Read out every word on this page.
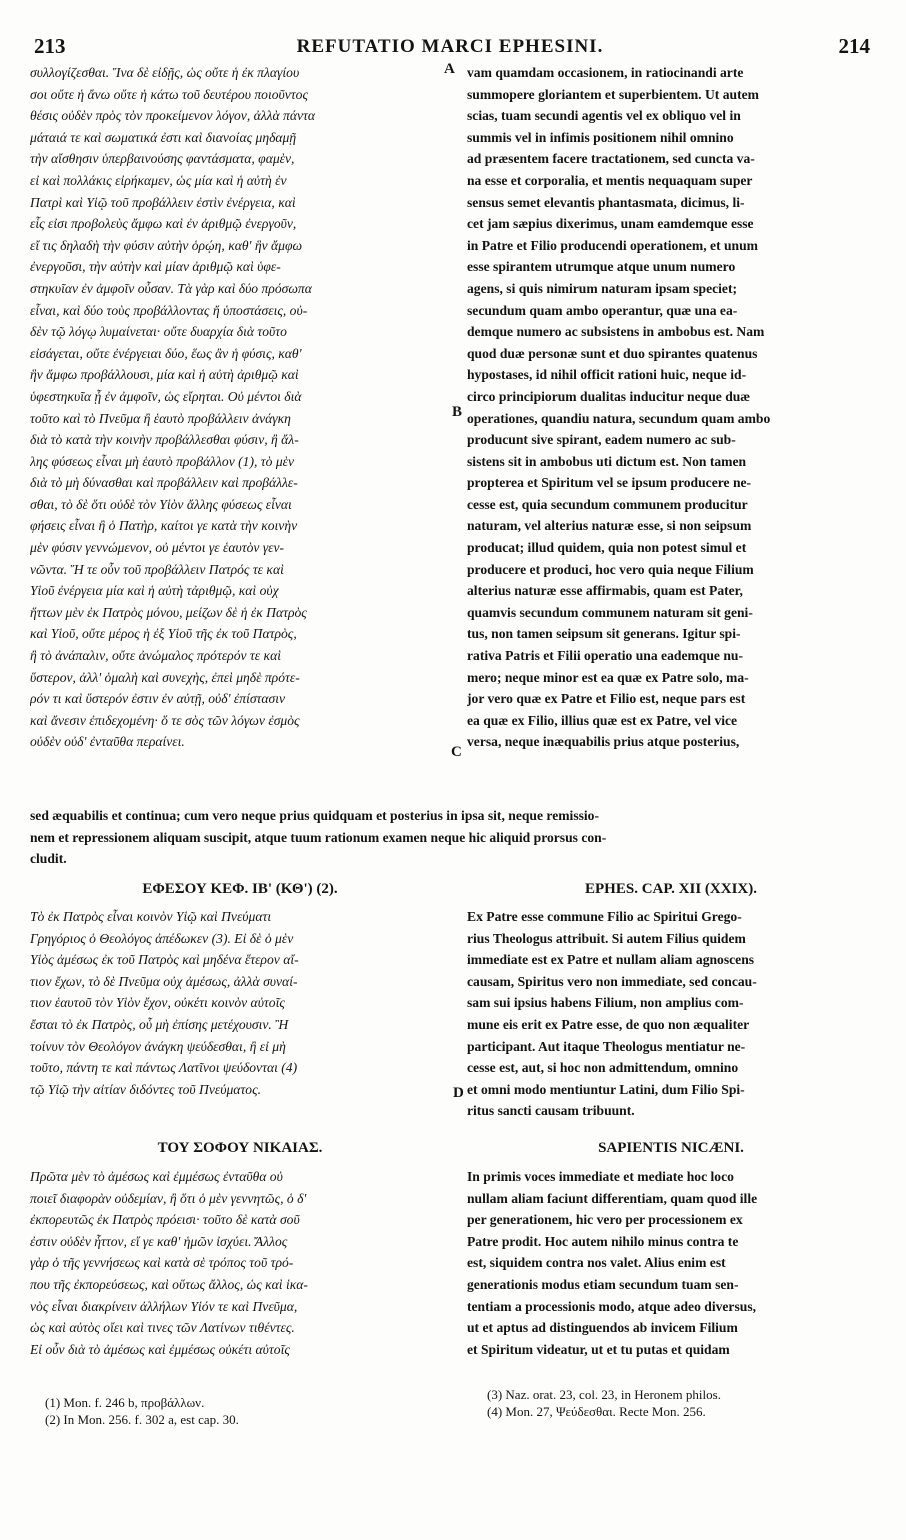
213	REFUTATIO MARCI EPHESINI.	214
A
B
C
D
συλλογίζεσθαι. Ἵνα δὲ εἰδῇς, ὡς οὔτε ἡ ἐκ πλαγίου
σοι οὔτε ἡ ἄνω οὔτε ἡ κάτω τοῦ δευτέρου ποιοῦντος
θέσις οὐδὲν πρὸς τὸν προκείμενον λόγον, ἀλλὰ πάντα
μάταιά τε καὶ σωματικά ἐστι καὶ διανοίας μηδαμῇ
τὴν αἴσθησιν ὑπερβαινούσης φαντάσματα, φαμὲν,
εἰ καὶ πολλάκις εἰρήκαμεν, ὡς μία καὶ ἡ αὐτὴ ἐν
Πατρὶ καὶ Υἱῷ τοῦ προβάλλειν ἐστὶν ἐνέργεια, καὶ
εἷς εἰσι προβολεὺς ἄμφω καὶ ἐν ἀριθμῷ ἐνεργοῦν,
εἴ τις δηλαδὴ τὴν φύσιν αὐτὴν ὁρῴη, καθ' ἣν ἄμφω
ἐνεργοῦσι, τὴν αὐτὴν καὶ μίαν ἀριθμῷ καὶ ὑφε-
στηκυῖαν ἐν ἀμφοῖν οὖσαν. Τὰ γὰρ καὶ δύο πρόσωπα
εἶναι, καὶ δύο τοὺς προβάλλοντας ἤ ὑποστάσεις, οὐ-
δὲν τῷ λόγῳ λυμαίνεται· οὔτε δυαρχία διὰ τοῦτο
εἰσάγεται, οὔτε ἐνέργειαι δύο, ἕως ἂν ἡ φύσις, καθ'
ἣν ἄμφω προβάλλουσι, μία καὶ ἡ αὐτὴ ἀριθμῷ καὶ
ὑφεστηκυῖα ᾖ ἐν ἀμφοῖν, ὡς εἴρηται. Οὐ μέντοι διὰ
τοῦτο καὶ τὸ Πνεῦμα ἢ ἑαυτὸ προβάλλειν ἀνάγκη
διὰ τὸ κατὰ τὴν κοινὴν προβάλλεσθαι φύσιν, ἢ ἄλ-
λης φύσεως εἶναι μὴ ἑαυτὸ προβάλλον (1), τὸ μὲν
διὰ τὸ μὴ δύνασθαι καὶ προβάλλειν καὶ προβάλλε-
σθαι, τὸ δὲ ὅτι οὐδὲ τὸν Υἱὸν ἄλλης φύσεως εἶναι
φήσεις εἶναι ἢ ὁ Πατὴρ, καίτοι γε κατὰ τὴν κοινὴν
μὲν φύσιν γεννώμενον, οὐ μέντοι γε ἑαυτὸν γεν-
νῶντα. Ἥ τε οὖν τοῦ προβάλλειν Πατρός τε καὶ
Υἱοῦ ἐνέργεια μία καὶ ἡ αὐτὴ τἀριθμῷ, καὶ οὐχ
ἥττων μὲν ἐκ Πατρὸς μόνου, μείζων δὲ ἡ ἐκ Πατρὸς
καὶ Υἱοῦ, οὔτε μέρος ἡ ἐξ Υἱοῦ τῆς ἐκ τοῦ Πατρὸς,
ἢ τὸ ἀνάπαλιν, οὔτε ἀνώμαλος πρότερόν τε καὶ
ὕστερον, ἀλλ' ὁμαλὴ καὶ συνεχὴς, ἐπεὶ μηδὲ πρότε-
ρόν τι καὶ ὕστερόν ἐστιν ἐν αὐτῇ, οὐδ' ἐπίστασιν
καὶ ἄνεσιν ἐπιδεχομένη· ὅ τε σὸς τῶν λόγων ἐσμὸς
οὐδὲν οὐδ' ἐνταῦθα περαίνει.
vam quamdam occasionem, in ratiocinandi arte
summopere gloriantem et superbientem. Ut autem
scias, tuam secundi agentis vel ex obliquo vel in
summis vel in infimis positionem nihil omnino
ad præsentem facere tractationem, sed cuncta va-
na esse et corporalia, et mentis nequaquam super
sensus semet elevantis phantasmata, dicimus, li-
cet jam sæpius dixerimus, unam eamdemque esse
in Patre et Filio producendi operationem, et unum
esse spirantem utrumque atque unum numero
agens, si quis nimirum naturam ipsam speciet;
secundum quam ambo operantur, quæ una ea-
demque numero ac subsistens in ambobus est. Nam
quod duæ personæ sunt et duo spirantes quatenus
hypostases, id nihil officit rationi huic, neque id-
circo principiorum dualitas inducitur neque duæ
operationes, quandiu natura, secundum quam ambo
producunt sive spirant, eadem numero ac sub-
sistens sit in ambobus uti dictum est. Non tamen
propterea et Spiritum vel se ipsum producere ne-
cesse est, quia secundum communem producitur
naturam, vel alterius naturæ esse, si non seipsum
producat; illud quidem, quia non potest simul et
producere et produci, hoc vero quia neque Filium
alterius naturæ esse affirmabis, quam est Pater,
quamvis secundum communem naturam sit geni-
tus, non tamen seipsum sit generans. Igitur spi-
rativa Patris et Filii operatio una eademque nu-
mero; neque minor est ea quæ ex Patre solo, ma-
jor vero quæ ex Patre et Filio est, neque pars est
ea quæ ex Filio, illius quæ est ex Patre, vel vice
versa, neque inæquabilis prius atque posterius,
sed æquabilis et continua; cum vero neque prius quidquam et posterius in ipsa sit, neque remissio-
nem et repressionem aliquam suscipit, atque tuum rationum examen neque hic aliquid prorsus con-
cludit.
ΕΦΕΣΟΥ ΚΕΦ. ΙΒ' (ΚΘ') (2).	EPHES. CAP. XII (XXIX).
Τὸ ἐκ Πατρὸς εἶναι κοινὸν Υἱῷ καὶ Πνεύματι
Γρηγόριος ὁ Θεολόγος ἀπέδωκεν (3). Εἰ δὲ ὁ μὲν
Υἱὸς ἀμέσως ἐκ τοῦ Πατρὸς καὶ μηδένα ἕτερον αἴ-
τιον ἔχων, τὸ δὲ Πνεῦμα οὐχ ἀμέσως, ἀλλὰ συναί-
τιον ἑαυτοῦ τὸν Υἱὸν ἔχον, οὐκέτι κοινὸν αὐτοῖς
ἔσται τὸ ἐκ Πατρὸς, οὗ μὴ ἐπίσης μετέχουσιν. Ἢ
τοίνυν τὸν Θεολόγον ἀνάγκη ψεύδεσθαι, ἢ εἰ μὴ
τοῦτο, πάντη τε καὶ πάντως Λατῖνοι ψεύδονται (4)
τῷ Υἱῷ τὴν αἰτίαν διδόντες τοῦ Πνεύματος.
Ex Patre esse commune Filio ac Spiritui Grego-
rius Theologus attribuit. Si autem Filius quidem
immediate est ex Patre et nullam aliam agnoscens
causam, Spiritus vero non immediate, sed concau-
sam sui ipsius habens Filium, non amplius com-
mune eis erit ex Patre esse, de quo non æqualiter
participant. Aut itaque Theologus mentiatur ne-
cesse est, aut, si hoc non admittendum, omnino
et omni modo mentiuntur Latini, dum Filio Spi-
ritus sancti causam tribuunt.
ΤΟΥ ΣΟΦΟΥ ΝΙΚΑΙΑΣ.	SAPIENTIS NICÆNI.
Πρῶτα μὲν τὸ ἀμέσως καὶ ἐμμέσως ἐνταῦθα οὐ
ποιεῖ διαφορὰν οὐδεμίαν, ἢ ὅτι ὁ μὲν γεννητῶς, ὁ δ'
ἐκπορευτῶς ἐκ Πατρὸς πρόεισι· τοῦτο δὲ κατὰ σοῦ
ἐστιν οὐδὲν ἧττον, εἴ γε καθ' ἡμῶν ἰσχύει. Ἄλλος
γὰρ ὁ τῆς γεννήσεως καὶ κατὰ σὲ τρόπος τοῦ τρό-
που τῆς ἐκπορεύσεως, καὶ οὕτως ἄλλος, ὡς καὶ ἱκα-
νὸς εἶναι διακρίνειν ἀλλήλων Υἱόν τε καὶ Πνεῦμα,
ὡς καὶ αὐτὸς οἴει καὶ τινες τῶν Λατίνων τιθέντες.
Εἰ οὖν διὰ τὸ ἀμέσως καὶ ἐμμέσως οὐκέτι αὐτοῖς
In primis voces immediate et mediate hoc loco
nullam aliam faciunt differentiam, quam quod ille
per generationem, hic vero per processionem ex
Patre prodit. Hoc autem nihilo minus contra te
est, siquidem contra nos valet. Alius enim est
generationis modus etiam secundum tuam sen-
tentiam a processionis modo, atque adeo diversus,
ut et aptus ad distinguendos ab invicem Filium
et Spiritum videatur, ut et tu putas et quidam
(1) Mon. f. 246 b, προβάλλων.
(2) In Mon. 256. f. 302 a, est cap. 30.
(3) Naz. orat. 23, col. 23, in Heronem philos.
(4) Mon. 27, Ψεύδεσθαι. Recte Mon. 256.
